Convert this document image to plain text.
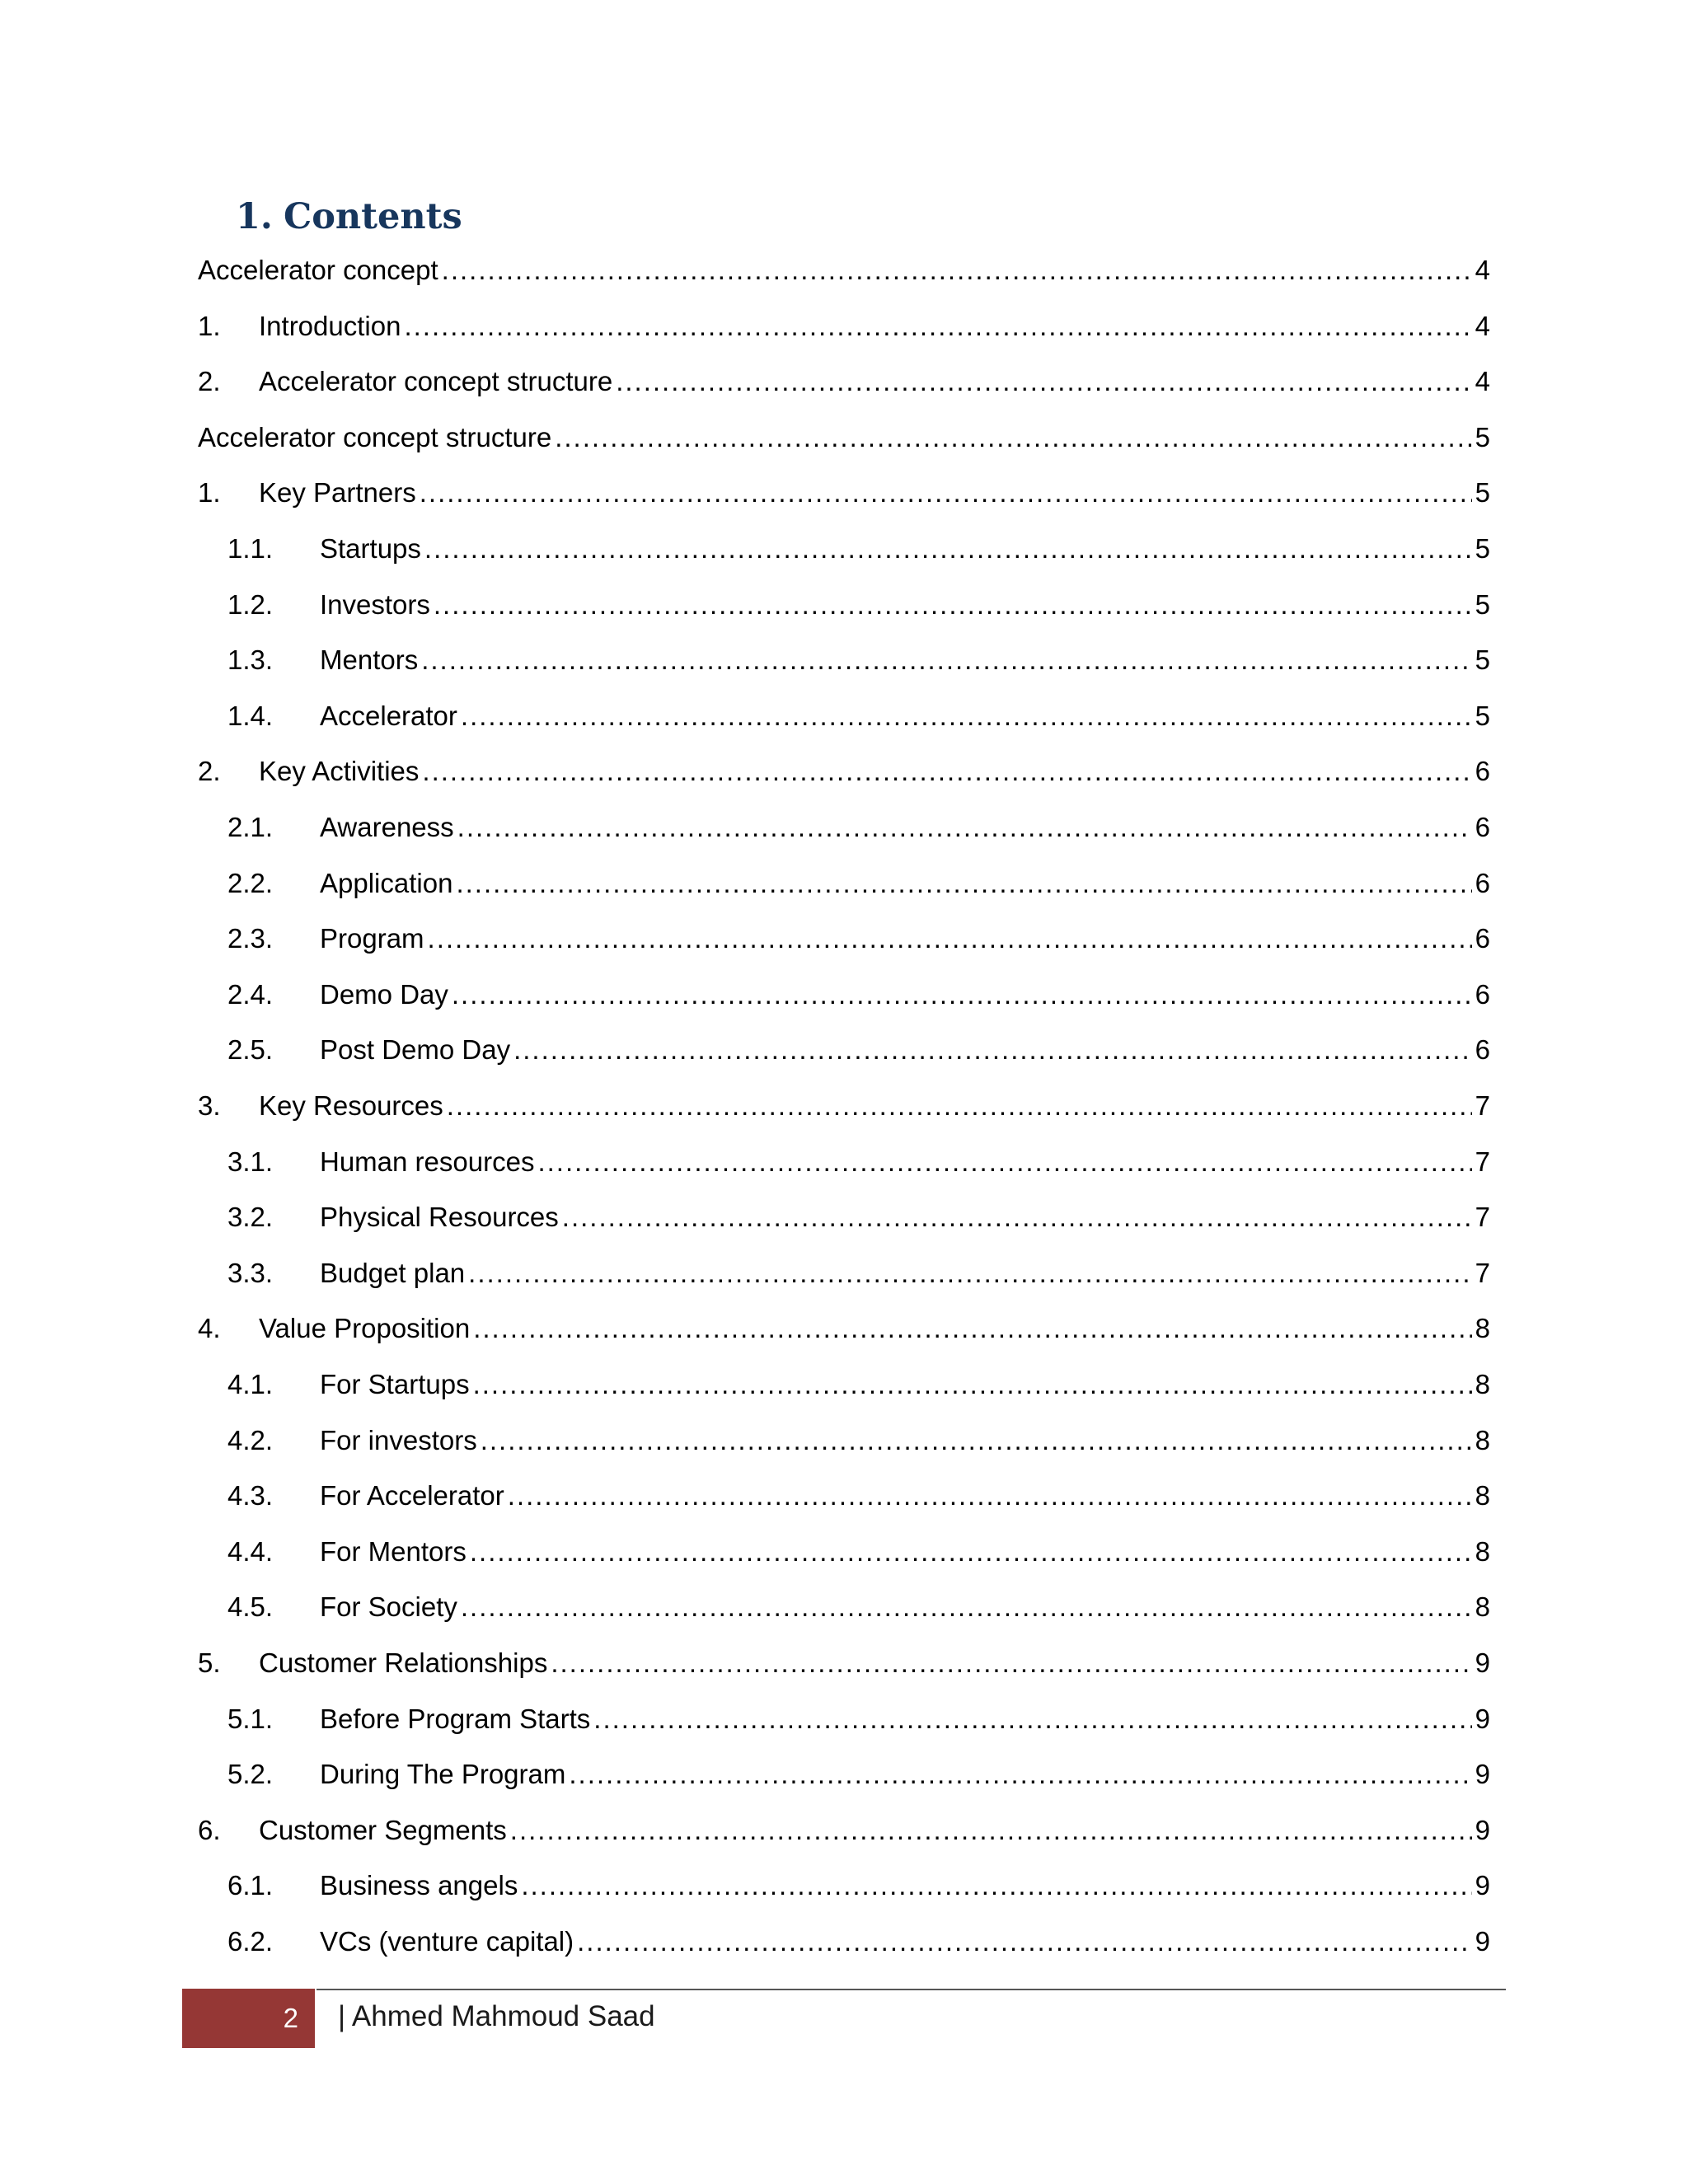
1. Contents
Accelerator concept .....	4
1.	Introduction .....	4
2.	Accelerator concept structure .....	4
Accelerator concept structure .....	5
1.	Key Partners .....	5
1.1.	Startups .....	5
1.2.	Investors .....	5
1.3.	Mentors .....	5
1.4.	Accelerator .....	5
2.	Key Activities .....	6
2.1.	Awareness .....	6
2.2.	Application .....	6
2.3.	Program .....	6
2.4.	Demo Day .....	6
2.5.	Post Demo Day .....	6
3.	Key Resources .....	7
3.1.	Human resources .....	7
3.2.	Physical Resources .....	7
3.3.	Budget plan .....	7
4.	Value Proposition .....	8
4.1.	For Startups .....	8
4.2.	For investors .....	8
4.3.	For Accelerator .....	8
4.4.	For Mentors .....	8
4.5.	For Society .....	8
5.	Customer Relationships .....	9
5.1.	Before Program Starts .....	9
5.2.	During The Program .....	9
6.	Customer Segments .....	9
6.1.	Business angels .....	9
6.2.	VCs (venture capital) .....	9
2 | Ahmed Mahmoud Saad
